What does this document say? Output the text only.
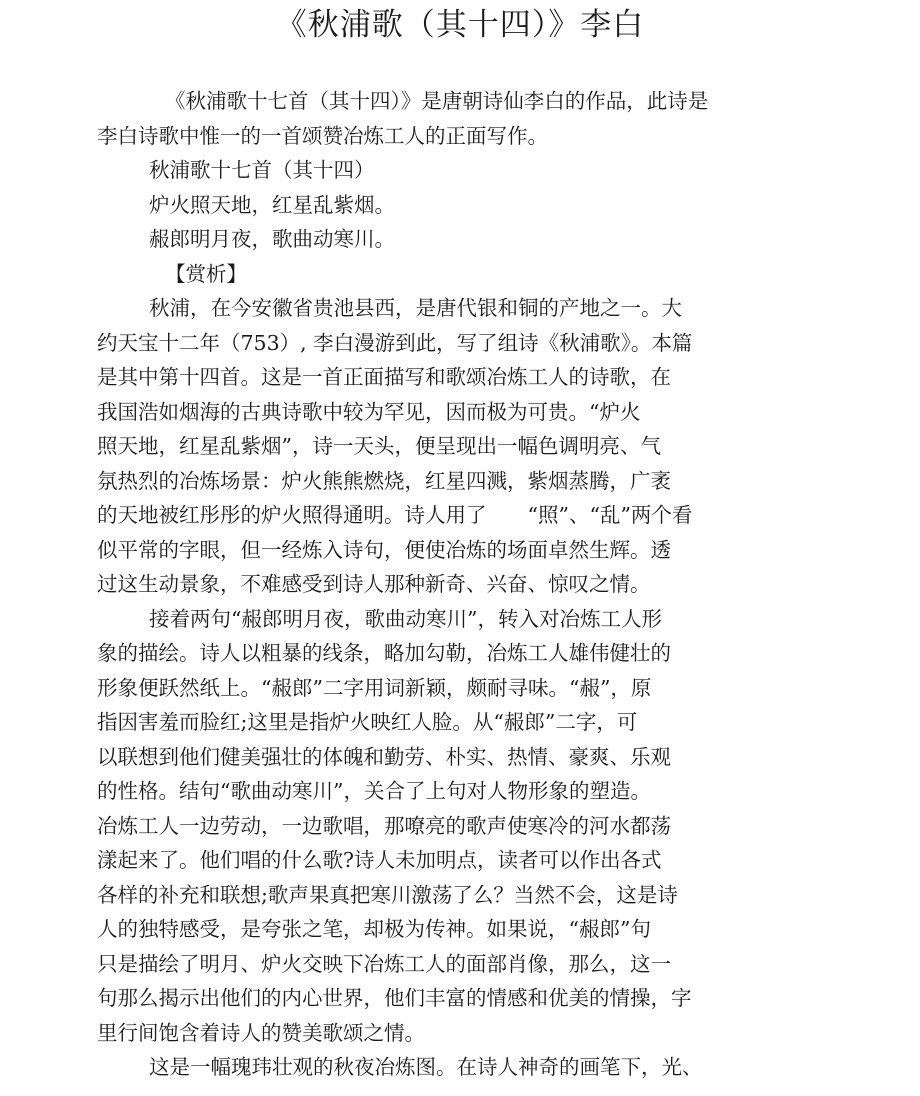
《秋浦歌（其十四）》李白
《秋浦歌十七首（其十四）》是唐朝诗仙李白的作品，此诗是
李白诗歌中惟一的一首颂赞冶炼工人的正面写作。
秋浦歌十七首（其十四）
炉火照天地，红星乱紫烟。
赧郎明月夜，歌曲动寒川。
【赏析】
秋浦，在今安徽省贵池县西，是唐代银和铜的产地之一。大
约天宝十二年（753）, 李白漫游到此，写了组诗《秋浦歌》。本篇
是其中第十四首。这是一首正面描写和歌颂冶炼工人的诗歌，在
我国浩如烟海的古典诗歌中较为罕见，因而极为可贵。“炉火
照天地，红星乱紫烟”，诗一天头，便呈现出一幅色调明亮、气
氛热烈的冶炼场景：炉火熊熊燃烧，红星四溅，紫烟蒸腾，广袤
的天地被红彤彤的炉火照得通明。诗人用了　　“照”、“乱”两个看
似平常的字眼，但一经炼入诗句，便使冶炼的场面卓然生辉。透
过这生动景象，不难感受到诗人那种新奇、兴奋、惊叹之情。
接着两句“赧郎明月夜，歌曲动寒川”，转入对冶炼工人形
象的描绘。诗人以粗暴的线条，略加勾勒，冶炼工人雄伟健壮的
形象便跃然纸上。“赧郎”二字用词新颖，颇耐寻味。“赧”，原
指因害羞而脸红;这里是指炉火映红人脸。从“赧郎”二字，可
以联想到他们健美强壮的体魄和勤劳、朴实、热情、豪爽、乐观
的性格。结句“歌曲动寒川”，关合了上句对人物形象的塑造。
冶炼工人一边劳动，一边歌唱，那嘹亮的歌声使寒冷的河水都荡
漾起来了。他们唱的什么歌?诗人未加明点，读者可以作出各式
各样的补充和联想;歌声果真把寒川激荡了么？当然不会，这是诗
人的独特感受，是夸张之笔，却极为传神。如果说，“赧郎”句
只是描绘了明月、炉火交映下冶炼工人的面部肖像，那么，这一
句那么揭示出他们的内心世界，他们丰富的情感和优美的情操，字
里行间饱含着诗人的赞美歌颂之情。
这是一幅瑰玮壮观的秋夜冶炼图。在诗人神奇的画笔下，光、
